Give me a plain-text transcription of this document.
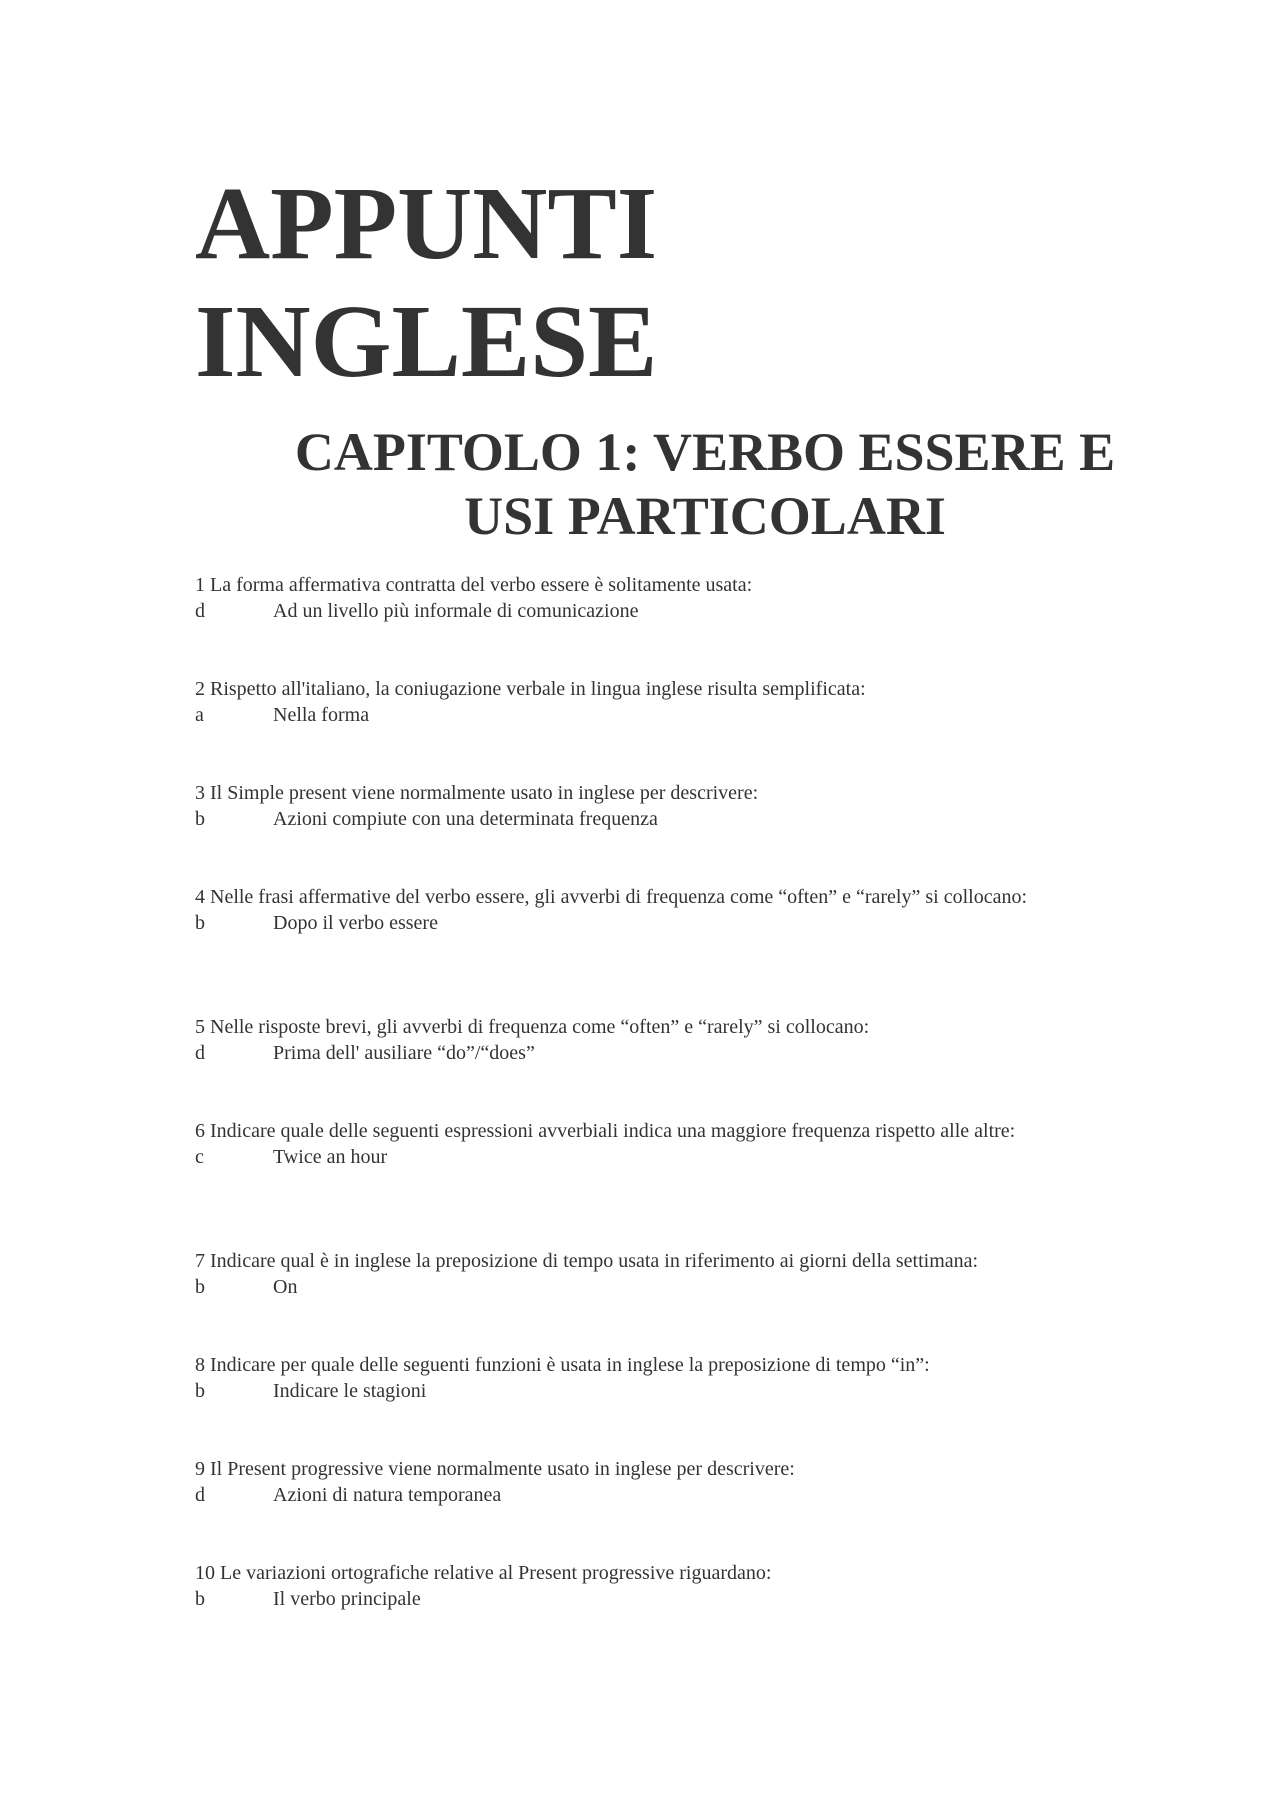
APPUNTI
INGLESE
CAPITOLO 1: VERBO ESSERE E
USI PARTICOLARI
1 La forma affermativa contratta del verbo essere è solitamente usata:
d	Ad un livello più informale di comunicazione
2 Rispetto all'italiano, la coniugazione verbale in lingua inglese risulta semplificata:
a	Nella forma
3 Il Simple present viene normalmente usato in inglese per descrivere:
b	Azioni compiute con una determinata frequenza
4 Nelle frasi affermative del verbo essere, gli avverbi di frequenza come “often” e “rarely” si collocano:
b	Dopo il verbo essere
5 Nelle risposte brevi, gli avverbi di frequenza come “often” e “rarely” si collocano:
d	Prima dell' ausiliare “do”/“does”
6 Indicare quale delle seguenti espressioni avverbiali indica una maggiore frequenza rispetto alle altre:
c	Twice an hour
7 Indicare qual è in inglese la preposizione di tempo usata in riferimento ai giorni della settimana:
b	On
8 Indicare per quale delle seguenti funzioni è usata in inglese la preposizione di tempo “in”:
b	Indicare le stagioni
9 Il Present progressive viene normalmente usato in inglese per descrivere:
d	Azioni di natura temporanea
10 Le variazioni ortografiche relative al Present progressive riguardano:
b	Il verbo principale
